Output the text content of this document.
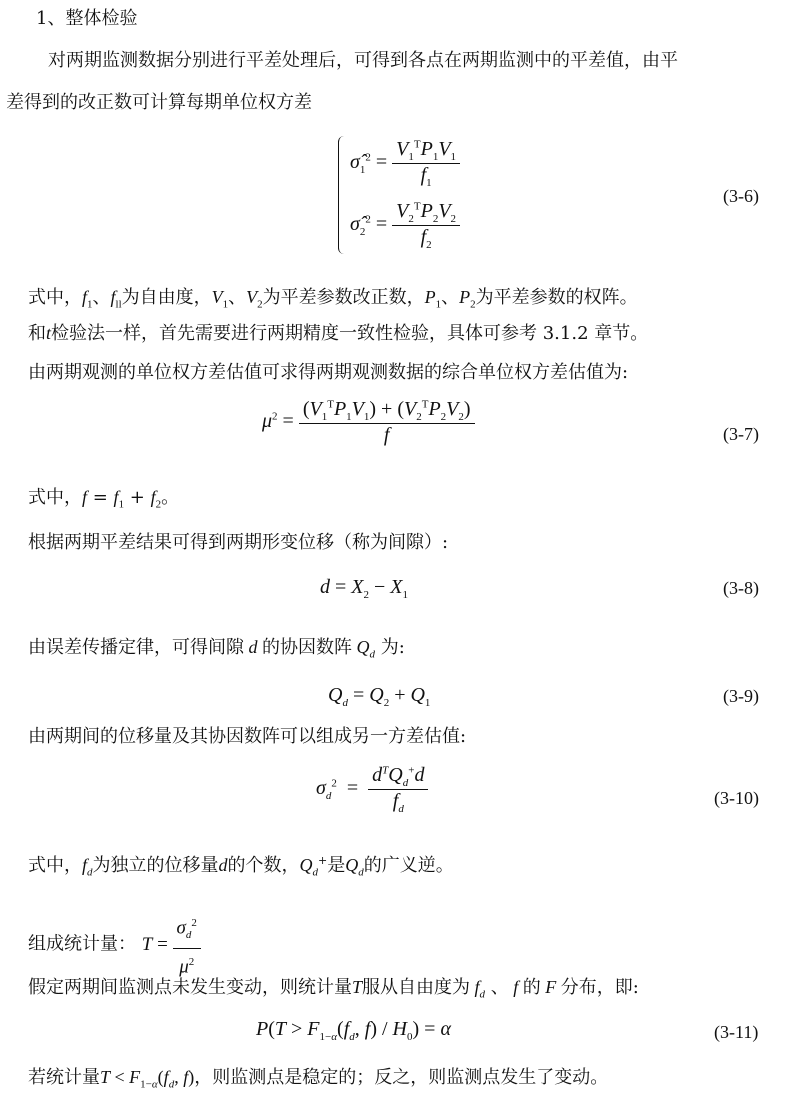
1、整体检验
对两期监测数据分别进行平差处理后，可得到各点在两期监测中的平差值，由平
差得到的改正数可计算每期单位权方差
$\sigmâ_1^2 = \frac{V_1^TP_1V_1}{f_1}$
$\sigmâ_2^2 = \frac{V_2^TP_2V_2}{f_2}$
(3-6)
式中，$f_1$、$f_{ll}$为自由度，$V_1$、$V_2$为平差参数改正数，$P_1$、$P_2$为平差参数的权阵。
和t检验法一样，首先需要进行两期精度一致性检验，具体可参考 3.1.2 章节。
由两期观测的单位权方差估值可求得两期观测数据的综合单位权方差估值为:
$\mu^2 = \frac{(V_1^TP_1V_1) + (V_2^TP_2V_2)}{f}$	(3-7)
式中，$f = f_1 + f_2$。
根据两期平差结果可得到两期形变位移（称为间隙）:
$d = X_2 - X_1$	(3-8)
由误差传播定律，可得间隙 d 的协因数阵 $Q_d$ 为:
$Q_d = Q_2 + Q_1$	(3-9)
由两期间的位移量及其协因数阵可以组成另一方差估值:
$\sigma_d^2 = \frac{d^TQ_d^+d}{f_d}$	(3-10)
式中，$f_d$为独立的位移量d的个数，$Q_d^+$是$Q_d$的广义逆。
组成统计量： $T = \frac{\sigma_d^2}{\mu^2}$
假定两期间监测点未发生变动，则统计量T服从自由度为 $f_d$ 、 f 的 F 分布，即:
$P(T > F_{1-\alpha}(f_d$, $f) / H_0) = \alpha$	(3-11)
若统计量$T < F_{1-\alpha}(f_d$, f)，则监测点是稳定的；反之，则监测点发生了变动。
